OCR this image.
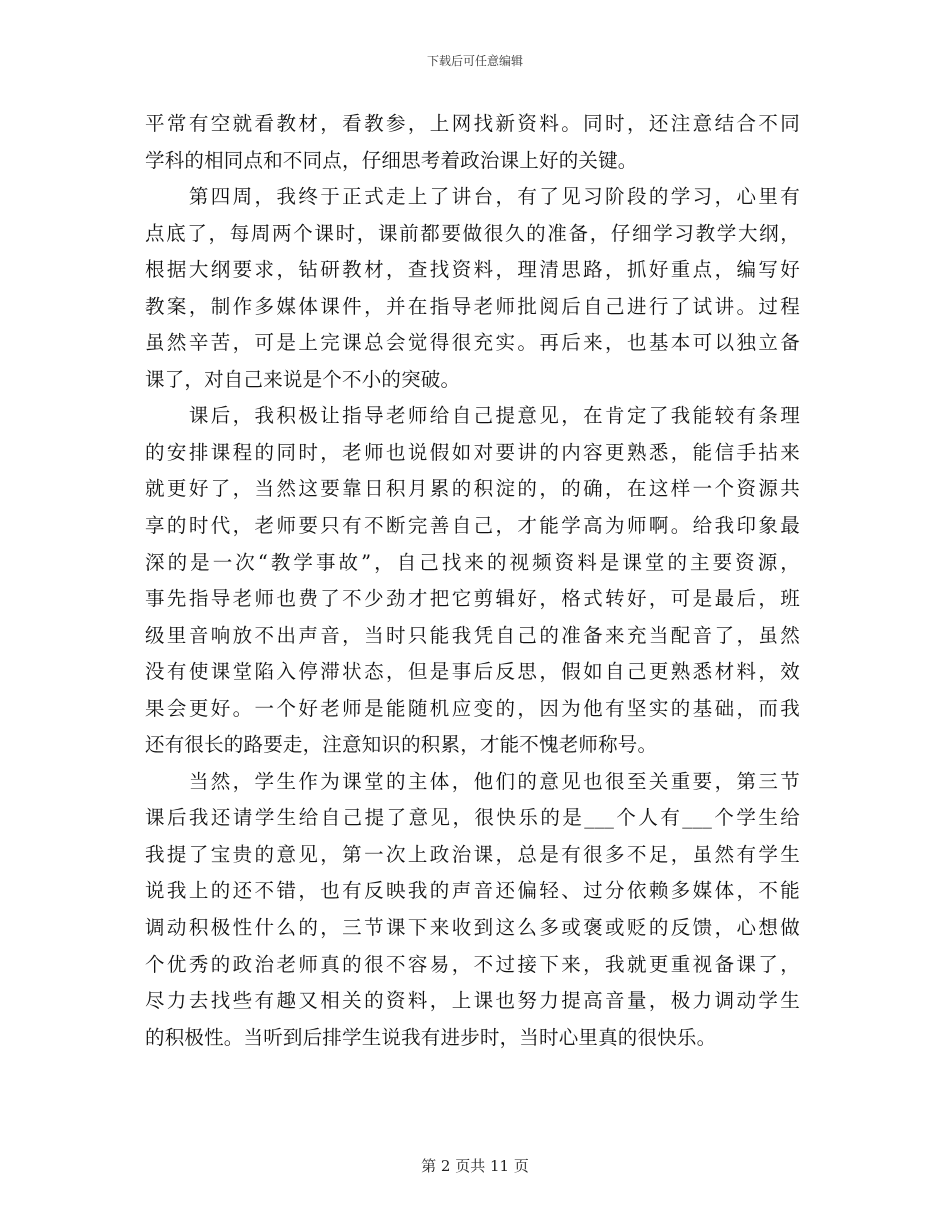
下载后可任意编辑
平常有空就看教材，看教参，上网找新资料。同时，还注意结合不同
学科的相同点和不同点，仔细思考着政治课上好的关键。
　　第四周，我终于正式走上了讲台，有了见习阶段的学习，心里有
点底了，每周两个课时，课前都要做很久的准备，仔细学习教学大纲，
根据大纲要求，钻研教材，查找资料，理清思路，抓好重点，编写好
教案，制作多媒体课件，并在指导老师批阅后自己进行了试讲。过程
虽然辛苦，可是上完课总会觉得很充实。再后来，也基本可以独立备
课了，对自己来说是个不小的突破。
　　课后，我积极让指导老师给自己提意见，在肯定了我能较有条理
的安排课程的同时，老师也说假如对要讲的内容更熟悉，能信手拈来
就更好了，当然这要靠日积月累的积淀的，的确，在这样一个资源共
享的时代，老师要只有不断完善自己，才能学高为师啊。给我印象最
深的是一次“教学事故”，自己找来的视频资料是课堂的主要资源，
事先指导老师也费了不少劲才把它剪辑好，格式转好，可是最后，班
级里音响放不出声音，当时只能我凭自己的准备来充当配音了，虽然
没有使课堂陷入停滞状态，但是事后反思，假如自己更熟悉材料，效
果会更好。一个好老师是能随机应变的，因为他有坚实的基础，而我
还有很长的路要走，注意知识的积累，才能不愧老师称号。
　　当然，学生作为课堂的主体，他们的意见也很至关重要，第三节
课后我还请学生给自己提了意见，很快乐的是___个人有___个学生给
我提了宝贵的意见，第一次上政治课，总是有很多不足，虽然有学生
说我上的还不错，也有反映我的声音还偏轻、过分依赖多媒体，不能
调动积极性什么的，三节课下来收到这么多或褒或贬的反馈，心想做
个优秀的政治老师真的很不容易，不过接下来，我就更重视备课了，
尽力去找些有趣又相关的资料，上课也努力提高音量，极力调动学生
的积极性。当听到后排学生说我有进步时，当时心里真的很快乐。
第 2 页共 11 页
